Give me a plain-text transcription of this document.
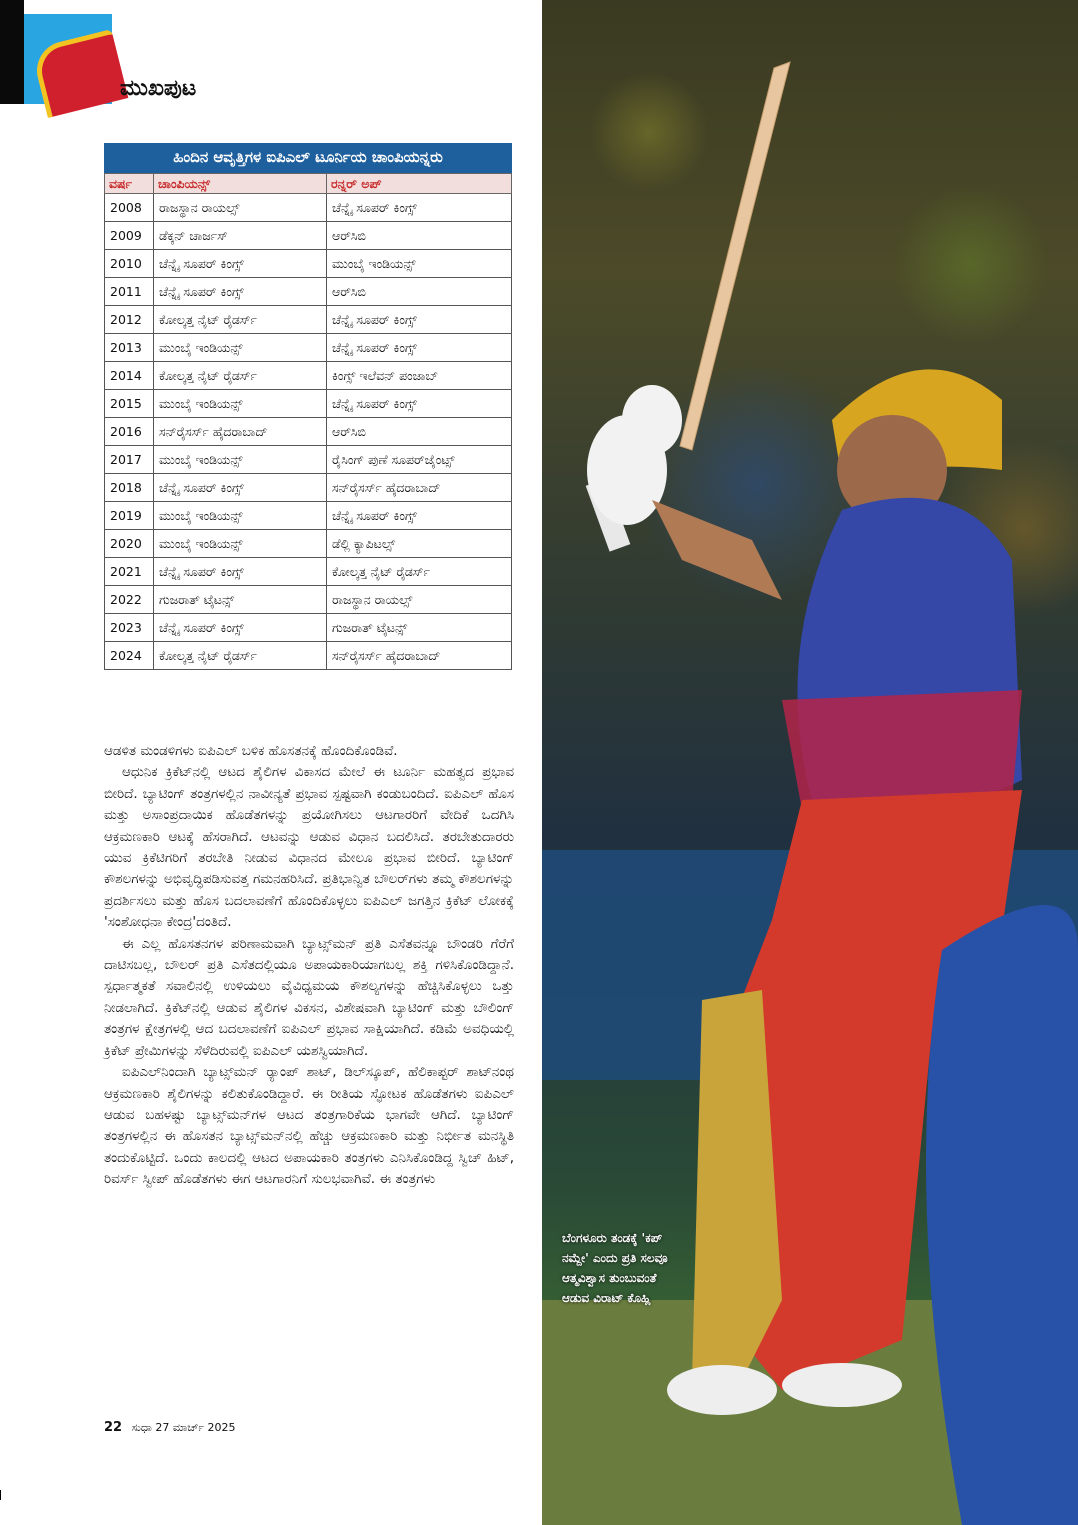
ಮುಖಪುಟ
ಹಿಂದಿನ ಆವೃತ್ತಿಗಳ ಐಪಿಎಲ್ ಟೂರ್ನಿಯ ಚಾಂಪಿಯನ್ನರು
ವರ್ಷ	ಚಾಂಪಿಯನ್ಸ್	ರನ್ನರ್ ಅಪ್
2008	ರಾಜಸ್ಥಾನ ರಾಯಲ್ಸ್	ಚೆನ್ನೈ ಸೂಪರ್ ಕಿಂಗ್ಸ್
2009	ಡೆಕ್ಕನ್ ಚಾರ್ಜಸ್	ಆರ್‌ಸಿಬಿ
2010	ಚೆನ್ನೈ ಸೂಪರ್ ಕಿಂಗ್ಸ್	ಮುಂಬೈ ಇಂಡಿಯನ್ಸ್
2011	ಚೆನ್ನೈ ಸೂಪರ್ ಕಿಂಗ್ಸ್	ಆರ್‌ಸಿಬಿ
2012	ಕೋಲ್ಕತ್ತ ನೈಟ್ ರೈಡರ್ಸ್	ಚೆನ್ನೈ ಸೂಪರ್ ಕಿಂಗ್ಸ್
2013	ಮುಂಬೈ ಇಂಡಿಯನ್ಸ್	ಚೆನ್ನೈ ಸೂಪರ್ ಕಿಂಗ್ಸ್
2014	ಕೋಲ್ಕತ್ತ ನೈಟ್ ರೈಡರ್ಸ್	ಕಿಂಗ್ಸ್ ಇಲೆವನ್ ಪಂಜಾಬ್
2015	ಮುಂಬೈ ಇಂಡಿಯನ್ಸ್	ಚೆನ್ನೈ ಸೂಪರ್ ಕಿಂಗ್ಸ್
2016	ಸನ್‌ರೈಸರ್ಸ್ ಹೈದರಾಬಾದ್	ಆರ್‌ಸಿಬಿ
2017	ಮುಂಬೈ ಇಂಡಿಯನ್ಸ್	ರೈಸಿಂಗ್ ಪುಣೆ ಸೂಪರ್‌ಜೈಂಟ್ಸ್
2018	ಚೆನ್ನೈ ಸೂಪರ್ ಕಿಂಗ್ಸ್	ಸನ್‌ರೈಸರ್ಸ್ ಹೈದರಾಬಾದ್
2019	ಮುಂಬೈ ಇಂಡಿಯನ್ಸ್	ಚೆನ್ನೈ ಸೂಪರ್ ಕಿಂಗ್ಸ್
2020	ಮುಂಬೈ ಇಂಡಿಯನ್ಸ್	ಡೆಲ್ಲಿ ಕ್ಯಾಪಿಟಲ್ಸ್
2021	ಚೆನ್ನೈ ಸೂಪರ್ ಕಿಂಗ್ಸ್	ಕೋಲ್ಕತ್ತ ನೈಟ್ ರೈಡರ್ಸ್
2022	ಗುಜರಾತ್ ಟೈಟನ್ಸ್	ರಾಜಸ್ಥಾನ ರಾಯಲ್ಸ್
2023	ಚೆನ್ನೈ ಸೂಪರ್ ಕಿಂಗ್ಸ್	ಗುಜರಾತ್ ಟೈಟನ್ಸ್
2024	ಕೋಲ್ಕತ್ತ ನೈಟ್ ರೈಡರ್ಸ್	ಸನ್‌ರೈಸರ್ಸ್ ಹೈದರಾಬಾದ್

ಆಡಳಿತ ಮಂಡಳಿಗಳು ಐಪಿಎಲ್ ಬಳಿಕ ಹೊಸತನಕ್ಕೆ ಹೊಂದಿಕೊಂಡಿವೆ.

ಆಧುನಿಕ ಕ್ರಿಕೆಟ್‌ನಲ್ಲಿ ಆಟದ ಶೈಲಿಗಳ ವಿಕಾಸದ ಮೇಲೆ ಈ ಟೂರ್ನಿ ಮಹತ್ವದ ಪ್ರಭಾವ ಬೀರಿದೆ. ಬ್ಯಾಟಿಂಗ್ ತಂತ್ರಗಳಲ್ಲಿನ ನಾವೀನ್ಯತೆ ಪ್ರಭಾವ ಸ್ಪಷ್ಟವಾಗಿ ಕಂಡುಬಂದಿದೆ. ಐಪಿಎಲ್ ಹೊಸ ಮತ್ತು ಅಸಾಂಪ್ರದಾಯಿಕ ಹೊಡೆತಗಳನ್ನು ಪ್ರಯೋಗಿಸಲು ಆಟಗಾರರಿಗೆ ವೇದಿಕೆ ಒದಗಿಸಿ ಆಕ್ರಮಣಕಾರಿ ಆಟಕ್ಕೆ ಹೆಸರಾಗಿದೆ. ಆಟವನ್ನು ಆಡುವ ವಿಧಾನ ಬದಲಿಸಿದೆ. ತರಬೇತುದಾರರು ಯುವ ಕ್ರಿಕೆಟಿಗರಿಗೆ ತರಬೇತಿ ನೀಡುವ ವಿಧಾನದ ಮೇಲೂ ಪ್ರಭಾವ ಬೀರಿದೆ. ಬ್ಯಾಟಿಂಗ್ ಕೌಶಲಗಳನ್ನು ಅಭಿವೃದ್ಧಿಪಡಿಸುವತ್ತ ಗಮನಹರಿಸಿದೆ. ಪ್ರತಿಭಾನ್ವಿತ ಬೌಲರ್‌ಗಳು ತಮ್ಮ ಕೌಶಲಗಳನ್ನು ಪ್ರದರ್ಶಿಸಲು ಮತ್ತು ಹೊಸ ಬದಲಾವಣೆಗೆ ಹೊಂದಿಕೊಳ್ಳಲು ಐಪಿಎಲ್ ಜಗತ್ತಿನ ಕ್ರಿಕೆಟ್ ಲೋಕಕ್ಕೆ 'ಸಂಶೋಧನಾ ಕೇಂದ್ರ'ದಂತಿದೆ.

ಈ ಎಲ್ಲ ಹೊಸತನಗಳ ಪರಿಣಾಮವಾಗಿ ಬ್ಯಾಟ್ಸ್‌ಮನ್ ಪ್ರತಿ ಎಸೆತವನ್ನೂ ಬೌಂಡರಿ ಗೆರೆಗೆ ದಾಟಿಸಬಲ್ಲ, ಬೌಲರ್ ಪ್ರತಿ ಎಸೆತದಲ್ಲಿಯೂ ಅಪಾಯಕಾರಿಯಾಗಬಲ್ಲ ಶಕ್ತಿ ಗಳಿಸಿಕೊಂಡಿದ್ದಾನೆ. ಸ್ಪರ್ಧಾತ್ಮಕತೆ ಸವಾಲಿನಲ್ಲಿ ಉಳಿಯಲು ವೈವಿಧ್ಯಮಯ ಕೌಶಲ್ಯಗಳನ್ನು ಹೆಚ್ಚಿಸಿಕೊಳ್ಳಲು ಒತ್ತು ನೀಡಲಾಗಿದೆ. ಕ್ರಿಕೆಟ್‌ನಲ್ಲಿ ಆಡುವ ಶೈಲಿಗಳ ವಿಕಸನ, ವಿಶೇಷವಾಗಿ ಬ್ಯಾಟಿಂಗ್ ಮತ್ತು ಬೌಲಿಂಗ್ ತಂತ್ರಗಳ ಕ್ಷೇತ್ರಗಳಲ್ಲಿ ಆದ ಬದಲಾವಣೆಗೆ ಐಪಿಎಲ್ ಪ್ರಭಾವ ಸಾಕ್ಷಿಯಾಗಿದೆ. ಕಡಿಮೆ ಅವಧಿಯಲ್ಲಿ ಕ್ರಿಕೆಟ್ ಪ್ರೇಮಿಗಳನ್ನು ಸೆಳೆದಿರುವಲ್ಲಿ ಐಪಿಎಲ್ ಯಶಸ್ವಿಯಾಗಿದೆ.

ಐಪಿಎಲ್‌ನಿಂದಾಗಿ ಬ್ಯಾಟ್ಸ್‌ಮನ್ ರ‍್ಯಾಂಪ್ ಶಾಟ್, ಡಿಲ್‌ಸ್ಕೂಪ್, ಹೆಲಿಕಾಪ್ಟರ್ ಶಾಟ್‌ನಂಥ ಆಕ್ರಮಣಕಾರಿ ಶೈಲಿಗಳನ್ನು ಕಲಿತುಕೊಂಡಿದ್ದಾರೆ. ಈ ರೀತಿಯ ಸ್ಫೋಟಕ ಹೊಡೆತಗಳು ಐಪಿಎಲ್ ಆಡುವ ಬಹಳಷ್ಟು ಬ್ಯಾಟ್ಸ್‌ಮನ್‌ಗಳ ಆಟದ ತಂತ್ರಗಾರಿಕೆಯ ಭಾಗವೇ ಆಗಿದೆ. ಬ್ಯಾಟಿಂಗ್ ತಂತ್ರಗಳಲ್ಲಿನ ಈ ಹೊಸತನ ಬ್ಯಾಟ್ಸ್‌ಮನ್‌ನಲ್ಲಿ ಹೆಚ್ಚು ಆಕ್ರಮಣಕಾರಿ ಮತ್ತು ನಿರ್ಭೀತ ಮನಸ್ಥಿತಿ ತಂದುಕೊಟ್ಟಿದೆ. ಒಂದು ಕಾಲದಲ್ಲಿ ಆಟದ ಅಪಾಯಕಾರಿ ತಂತ್ರಗಳು ಎನಿಸಿಕೊಂಡಿದ್ದ ಸ್ವಿಚ್ ಹಿಟ್, ರಿವರ್ಸ್ ಸ್ವೀಪ್ ಹೊಡೆತಗಳು ಈಗ ಆಟಗಾರನಿಗೆ ಸುಲಭವಾಗಿವೆ. ಈ ತಂತ್ರಗಳು

22 ಸುಧಾ 27 ಮಾರ್ಚ್ 2025
ಬೆಂಗಳೂರು ತಂಡಕ್ಕೆ 'ಕಪ್ ನಮ್ದೇ' ಎಂದು ಪ್ರತಿ ಸಲವೂ ಆತ್ಮವಿಶ್ವಾಸ ತುಂಬುವಂತೆ ಆಡುವ ವಿರಾಟ್ ಕೊಹ್ಲಿ
